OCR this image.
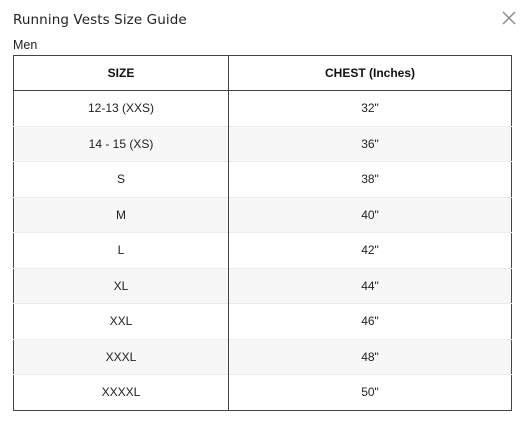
Running Vests Size Guide
Men
SIZE	CHEST (Inches)
12-13 (XXS)	32"
14 - 15 (XS)	36"
S	38"
M	40"
L	42"
XL	44"
XXL	46"
XXXL	48"
XXXXL	50"
